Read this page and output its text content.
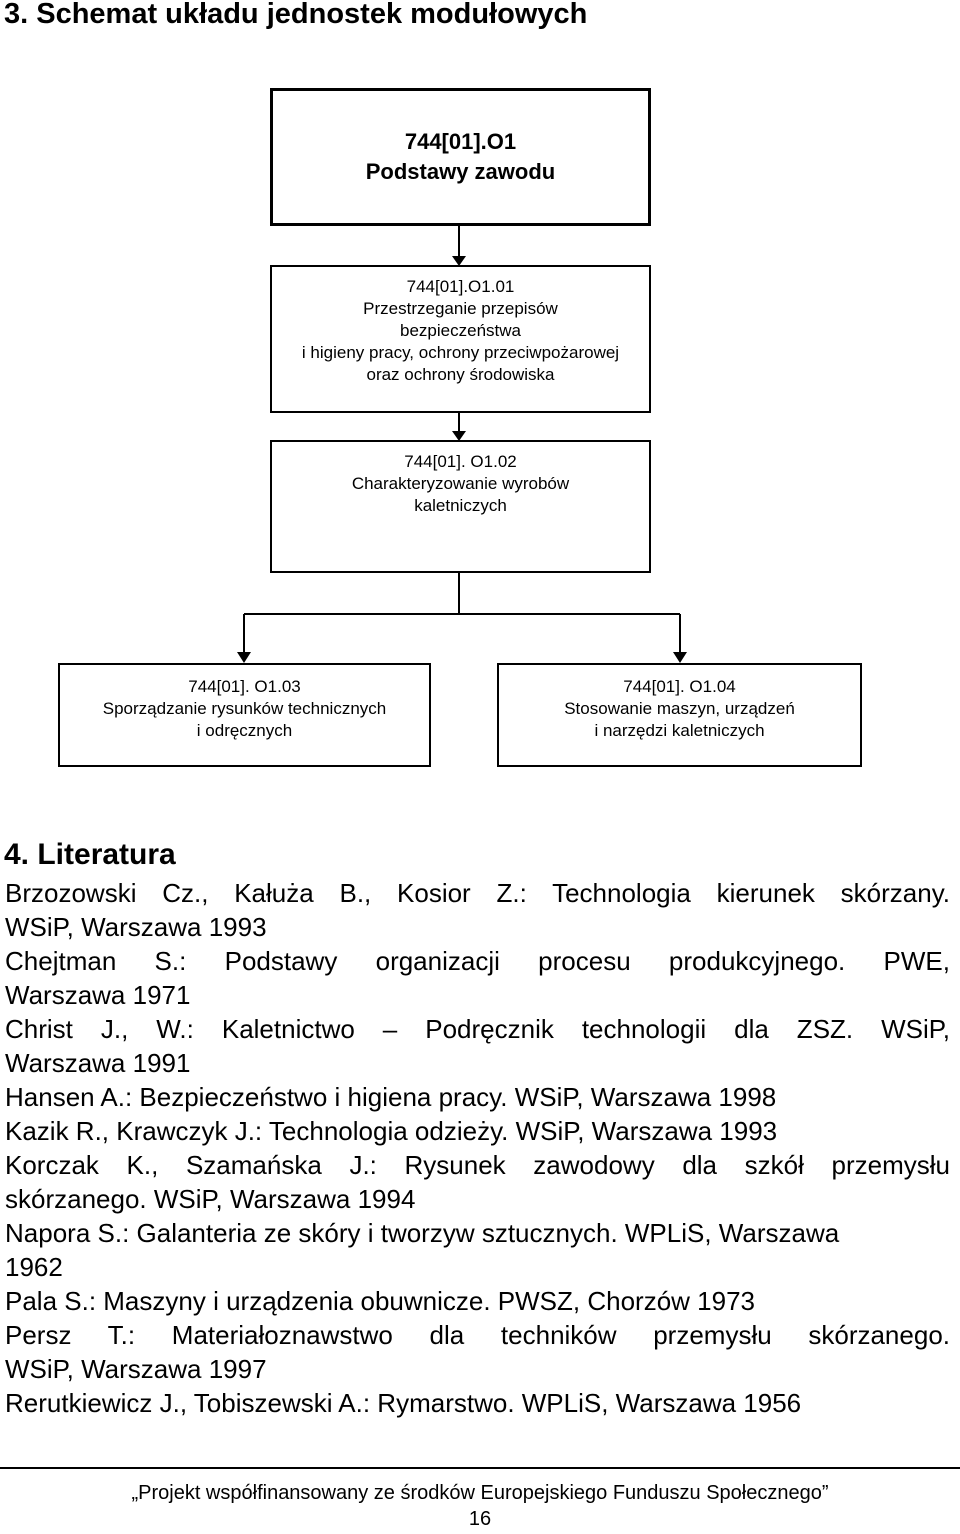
3. Schemat układu jednostek modułowych
744[01].O1
Podstawy zawodu
744[01].O1.01
Przestrzeganie przepisów
bezpieczeństwa
i higieny pracy, ochrony przeciwpożarowej
oraz ochrony środowiska
744[01]. O1.02
Charakteryzowanie wyrobów
kaletniczych
744[01]. O1.03
Sporządzanie rysunków technicznych
i odręcznych
744[01]. O1.04
Stosowanie maszyn, urządzeń
i narzędzi kaletniczych
4. Literatura
Brzozowski Cz., Kałuża B., Kosior Z.: Technologia kierunek skórzany.
WSiP, Warszawa 1993
Chejtman S.: Podstawy organizacji procesu produkcyjnego. PWE,
Warszawa 1971
Christ J., W.: Kaletnictwo – Podręcznik technologii dla ZSZ. WSiP,
Warszawa 1991
Hansen A.: Bezpieczeństwo i higiena pracy. WSiP, Warszawa 1998
Kazik R., Krawczyk J.: Technologia odzieży. WSiP, Warszawa 1993
Korczak K., Szamańska J.: Rysunek zawodowy dla szkół przemysłu
skórzanego. WSiP, Warszawa 1994
Napora S.: Galanteria ze skóry i tworzyw sztucznych. WPLiS, Warszawa
1962
Pala S.: Maszyny i urządzenia obuwnicze. PWSZ, Chorzów 1973
Persz T.: Materiałoznawstwo dla techników przemysłu skórzanego.
WSiP, Warszawa 1997
Rerutkiewicz J., Tobiszewski A.: Rymarstwo. WPLiS, Warszawa 1956
„Projekt współfinansowany ze środków Europejskiego Funduszu Społecznego”
16
